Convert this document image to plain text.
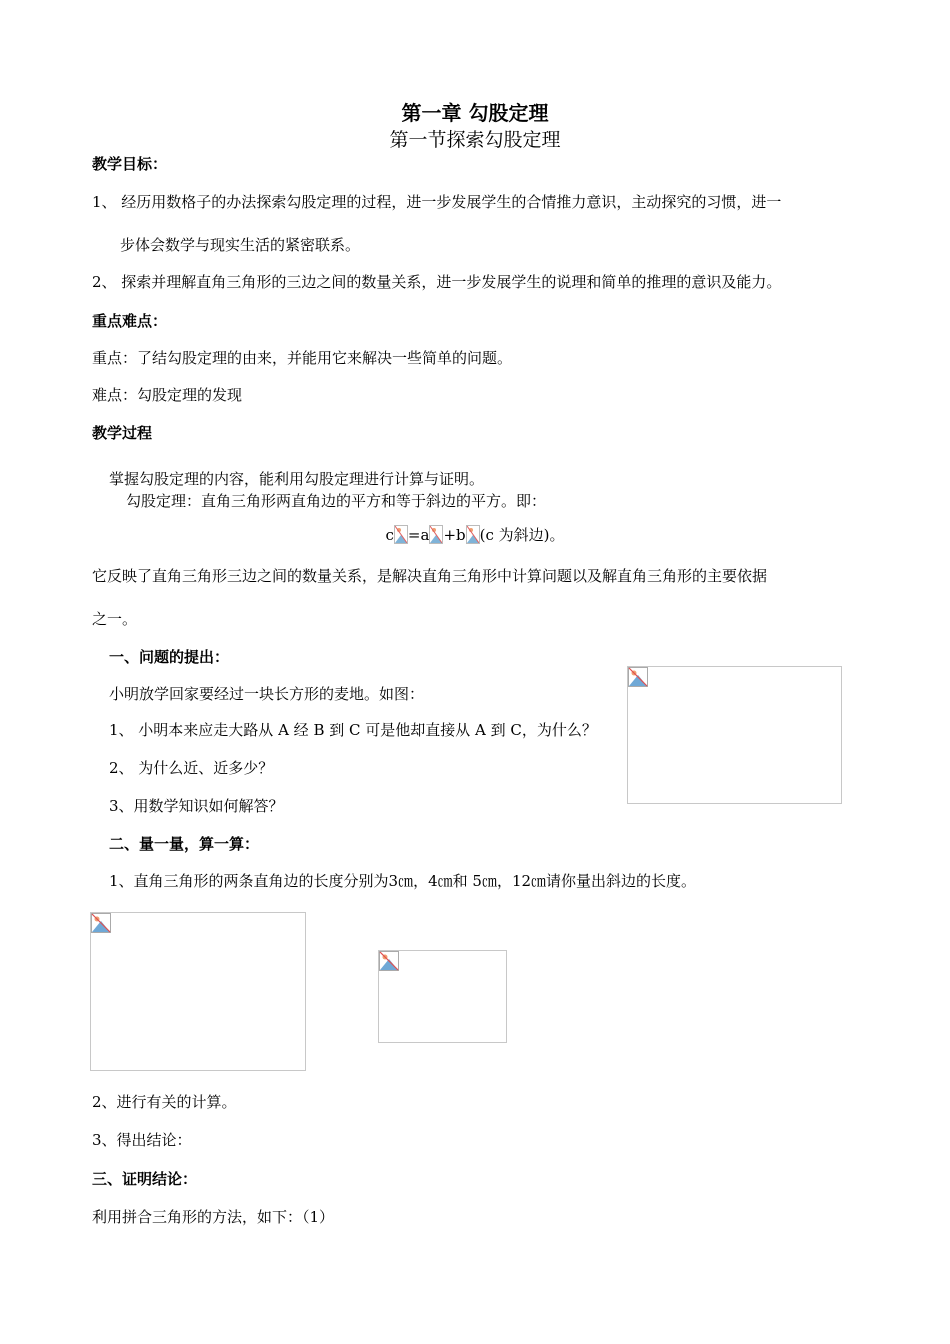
第一章 勾股定理
第一节探索勾股定理
教学目标：
1、 经历用数格子的办法探索勾股定理的过程，进一步发展学生的合情推力意识，主动探究的习惯，进一
步体会数学与现实生活的紧密联系。
2、 探索并理解直角三角形的三边之间的数量关系，进一步发展学生的说理和简单的推理的意识及能力。
重点难点：
重点：了结勾股定理的由来，并能用它来解决一些简单的问题。
难点：勾股定理的发现
教学过程
掌握勾股定理的内容，能利用勾股定理进行计算与证明。
勾股定理：直角三角形两直角边的平方和等于斜边的平方。即：
c =a +b (c 为斜边)。
它反映了直角三角形三边之间的数量关系，是解决直角三角形中计算问题以及解直角三角形的主要依据
之一。
一、问题的提出：
小明放学回家要经过一块长方形的麦地。如图：
1、 小明本来应走大路从 A 经 B 到 C 可是他却直接从 A 到 C，为什么？
2、 为什么近、近多少？
3、用数学知识如何解答？
二、量一量，算一算：
1、直角三角形的两条直角边的长度分别为3㎝，4㎝和 5㎝，12㎝请你量出斜边的长度。
2、进行有关的计算。
3、得出结论：
三、证明结论：
利用拼合三角形的方法，如下：（1）
